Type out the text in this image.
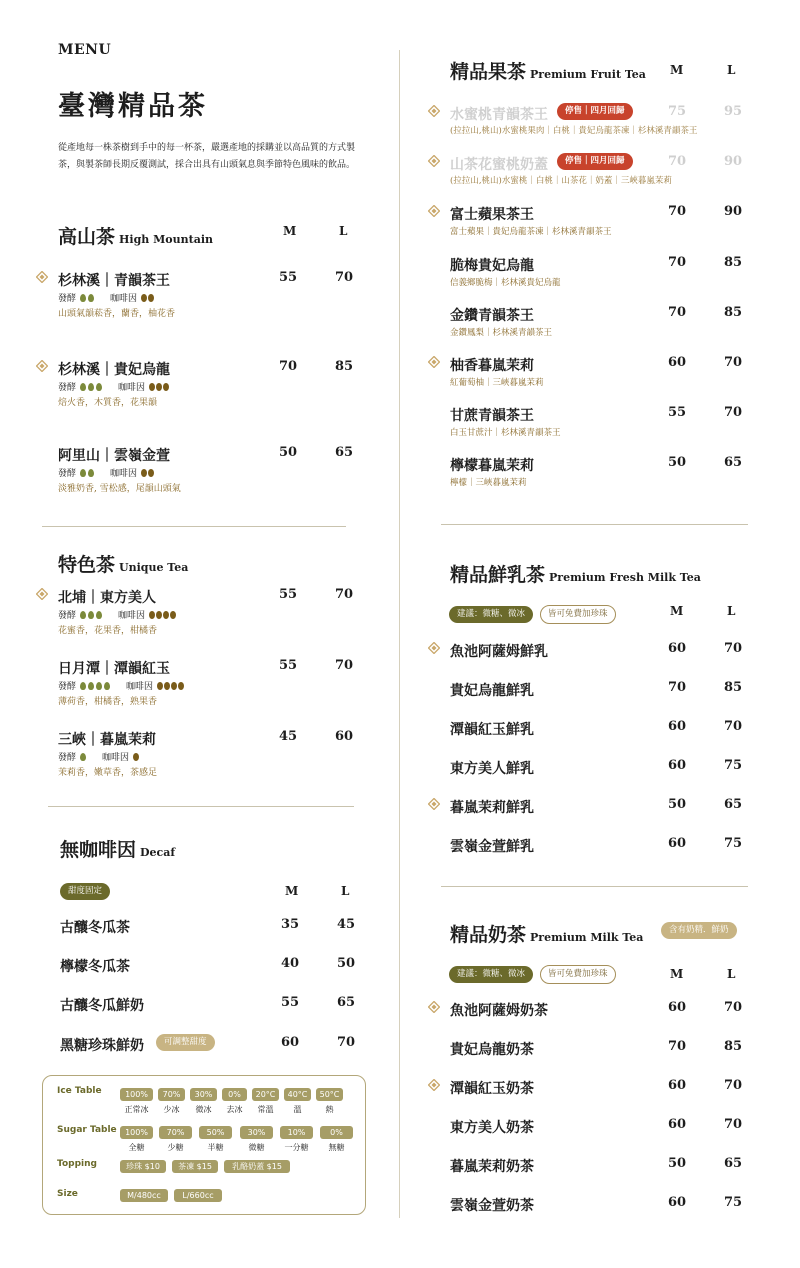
MENU
臺灣精品茶
從產地每一株茶樹到手中的每一杯茶，嚴選產地的採購並以高品質的方式製茶，與製茶師長期反覆測試，採合出具有山頭氣息與季節特色風味的飲品。
高山茶 High Mountain
M	L
杉林溪｜青韻茶王	55	70
發酵	咖啡因
山頭氣韻菘香，蘭香，柚花香
杉林溪｜貴妃烏龍	70	85
發酵	咖啡因
焙火香，木質香，花果韻
阿里山｜雲嶺金萱	50	65
發酵	咖啡因
淡雅奶香, 雪松感，尾韻山頭氣
特色茶 Unique Tea
北埔｜東方美人	55	70
發酵	咖啡因
花蜜香，花果香，柑橘香
日月潭｜潭韻紅玉	55	70
發酵	咖啡因
薄荷香，柑橘香，熟果香
三峽｜暮嵐茉莉	45	60
發酵	咖啡因
茉莉香，嫩草香，茶感足
無咖啡因 Decaf
甜度固定	M	L
古釀冬瓜茶	35	45
檸檬冬瓜茶	40	50
古釀冬瓜鮮奶	55	65
黑糖珍珠鮮奶	可調整甜度	60	70
Ice Table	100%	70%	30%	0%	20°C	40°C	50°C
正常冰	少冰	微冰	去冰	常溫	溫	熱
Sugar Table	100%	70%	50%	30%	10%	0%
全糖	少糖	半糖	微糖	一分糖	無糖
Topping	珍珠 $10	茶凍 $15	乳酪奶蓋 $15
Size	M/480cc	L/660cc
精品果茶 Premium Fruit Tea M	L
水蜜桃青韻茶王	停售｜四月回歸	75	95
(拉拉山,桃山)水蜜桃果肉｜白桃｜貴妃烏龍茶凍｜杉林溪青韻茶王
山茶花蜜桃奶蓋	停售｜四月回歸	70	90
(拉拉山,桃山)水蜜桃｜白桃｜山茶花｜奶蓋｜三峽暮嵐茉莉
富士蘋果茶王	70	90
富士蘋果｜貴妃烏龍茶凍｜杉林溪青韻茶王
脆梅貴妃烏龍	70	85
信義鄉脆梅｜杉林溪貴妃烏龍
金鑽青韻茶王	70	85
金鑽鳳梨｜杉林溪青韻茶王
柚香暮嵐茉莉	60	70
紅葡萄柚｜三峽暮嵐茉莉
甘蔗青韻茶王	55	70
白玉甘蔗汁｜杉林溪青韻茶王
檸檬暮嵐茉莉	50	65
檸檬｜三峽暮嵐茉莉
精品鮮乳茶 Premium Fresh Milk Tea
建議：微糖、微冰	皆可免費加珍珠	M	L
魚池阿薩姆鮮乳	60	70
貴妃烏龍鮮乳	70	85
潭韻紅玉鮮乳	60	70
東方美人鮮乳	60	75
暮嵐茉莉鮮乳	50	65
雲嶺金萱鮮乳	60	75
精品奶茶 Premium Milk Tea
含有奶精．鮮奶
建議：微糖、微冰	皆可免費加珍珠	M	L
魚池阿薩姆奶茶	60	70
貴妃烏龍奶茶	70	85
潭韻紅玉奶茶	60	70
東方美人奶茶	60	70
暮嵐茉莉奶茶	50	65
雲嶺金萱奶茶	60	75
